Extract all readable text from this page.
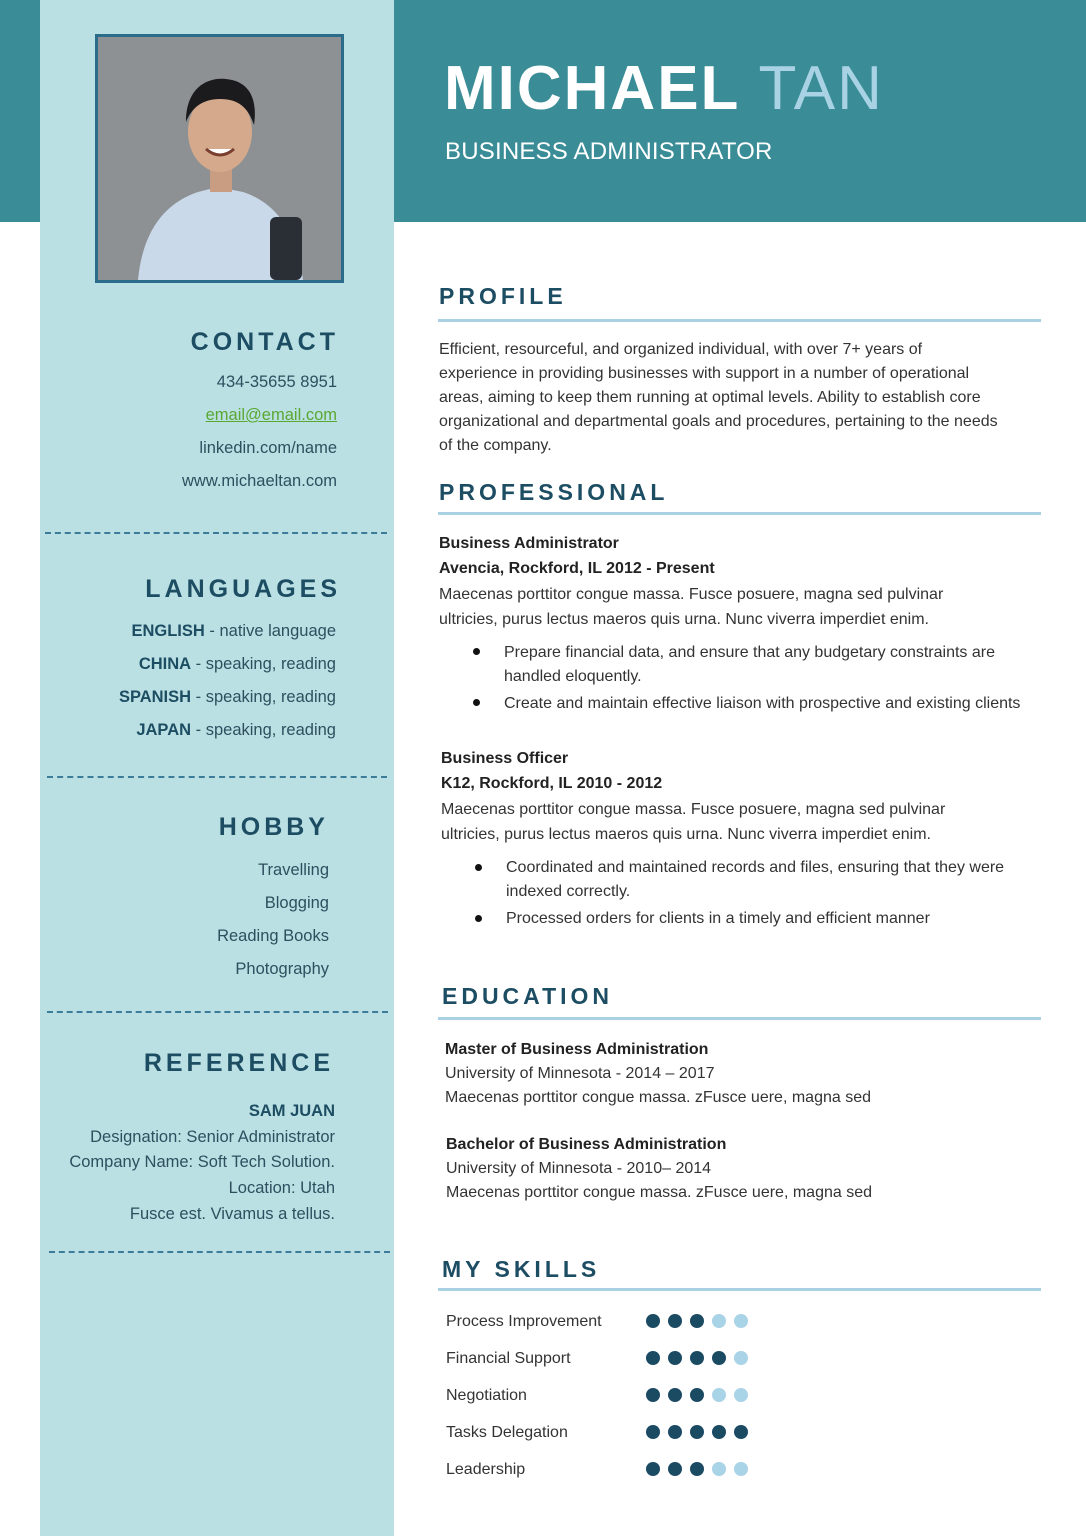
MICHAEL TAN
BUSINESS ADMINISTRATOR
CONTACT
434-35655 8951
email@email.com
linkedin.com/name
www.michaeltan.com
LANGUAGES
ENGLISH - native language
CHINA - speaking, reading
SPANISH - speaking, reading
JAPAN - speaking, reading
HOBBY
Travelling
Blogging
Reading Books
Photography
REFERENCE
SAM JUAN
Designation: Senior Administrator
Company Name: Soft Tech Solution.
Location: Utah
Fusce est. Vivamus a tellus.
PROFILE
Efficient, resourceful, and organized individual, with over 7+ years of
experience in providing businesses with support in a number of operational
areas, aiming to keep them running at optimal levels. Ability to establish core
organizational and departmental goals and procedures, pertaining to the needs
of the company.
PROFESSIONAL
Business Administrator
Avencia, Rockford, IL 2012 - Present
Maecenas porttitor congue massa. Fusce posuere, magna sed pulvinar
ultricies, purus lectus maeros quis urna. Nunc viverra imperdiet enim.
Prepare financial data, and ensure that any budgetary constraints are handled eloquently.
Create and maintain effective liaison with prospective and existing clients
Business Officer
K12, Rockford, IL 2010 - 2012
Maecenas porttitor congue massa. Fusce posuere, magna sed pulvinar
ultricies, purus lectus maeros quis urna. Nunc viverra imperdiet enim.
Coordinated and maintained records and files, ensuring that they were indexed correctly.
Processed orders for clients in a timely and efficient manner
EDUCATION
Master of Business Administration
University of Minnesota - 2014 – 2017
Maecenas porttitor congue massa. zFusce uere, magna sed
Bachelor of Business Administration
University of Minnesota - 2010– 2014
Maecenas porttitor congue massa. zFusce uere, magna sed
MY SKILLS
Process Improvement
Financial Support
Negotiation
Tasks Delegation
Leadership
